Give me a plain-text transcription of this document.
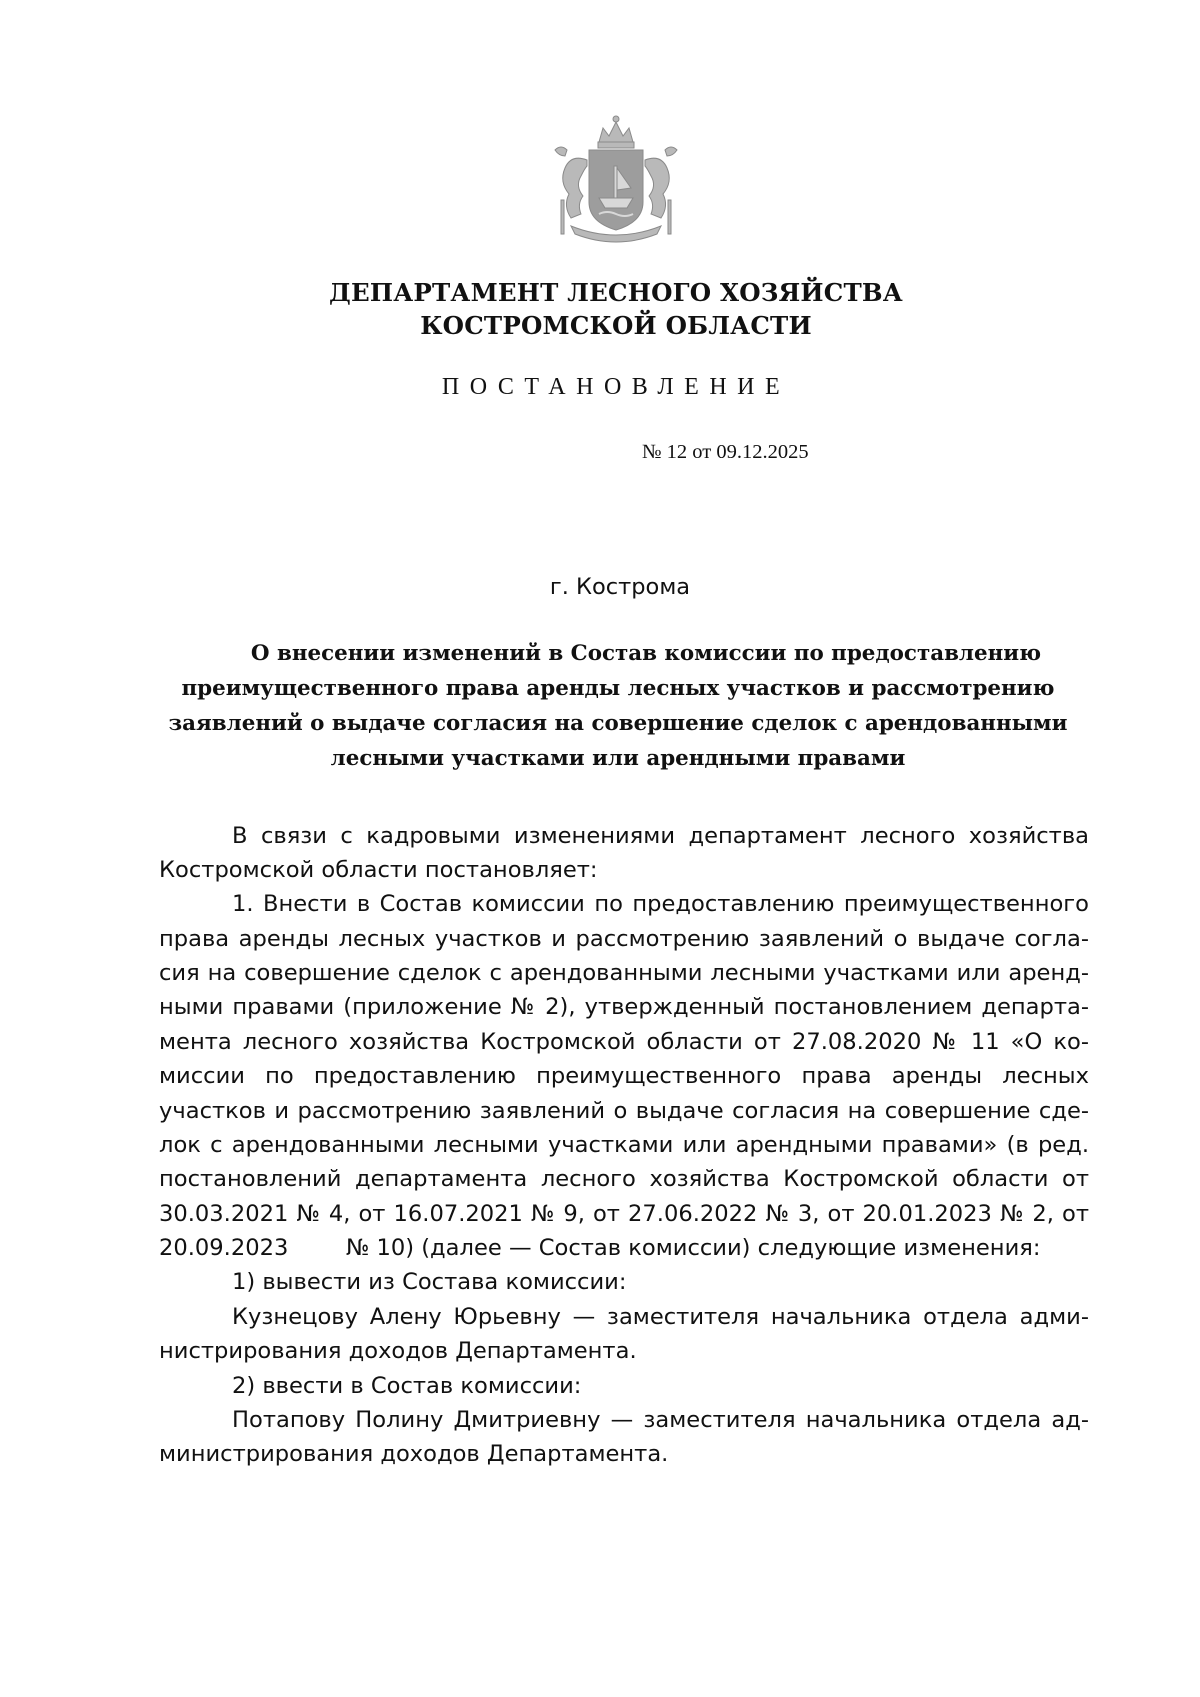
ДЕПАРТАМЕНТ ЛЕСНОГО ХОЗЯЙСТВА
КОСТРОМСКОЙ ОБЛАСТИ
ПОСТАНОВЛЕНИЕ
№ 12 от 09.12.2025
г. Кострома
О внесении изменений в Состав комиссии по предоставлению
преимущественного права аренды лесных участков и рассмотрению
заявлений о выдаче согласия на совершение сделок с арендованными
лесными участками или арендными правами
В связи с кадровыми изменениями департамент лесного хозяйства
Костромской области постановляет:
1. Внести в Состав комиссии по предоставлению преимущественного
права аренды лесных участков и рассмотрению заявлений о выдаче согла-
сия на совершение сделок с арендованными лесными участками или аренд-
ными правами (приложение № 2), утвержденный постановлением департа-
мента лесного хозяйства Костромской области от 27.08.2020 № 11 «О ко-
миссии по предоставлению преимущественного права аренды лесных
участков и рассмотрению заявлений о выдаче согласия на совершение сде-
лок с арендованными лесными участками или арендными правами» (в ред.
постановлений департамента лесного хозяйства Костромской области от
30.03.2021 № 4, от 16.07.2021 № 9, от 27.06.2022 № 3, от 20.01.2023 № 2, от
20.09.2023        № 10) (далее — Состав комиссии) следующие изменения:
1) вывести из Состава комиссии:
Кузнецову Алену Юрьевну — заместителя начальника отдела адми-
нистрирования доходов Департамента.
2) ввести в Состав комиссии:
Потапову Полину Дмитриевну — заместителя начальника отдела ад-
министрирования доходов Департамента.
